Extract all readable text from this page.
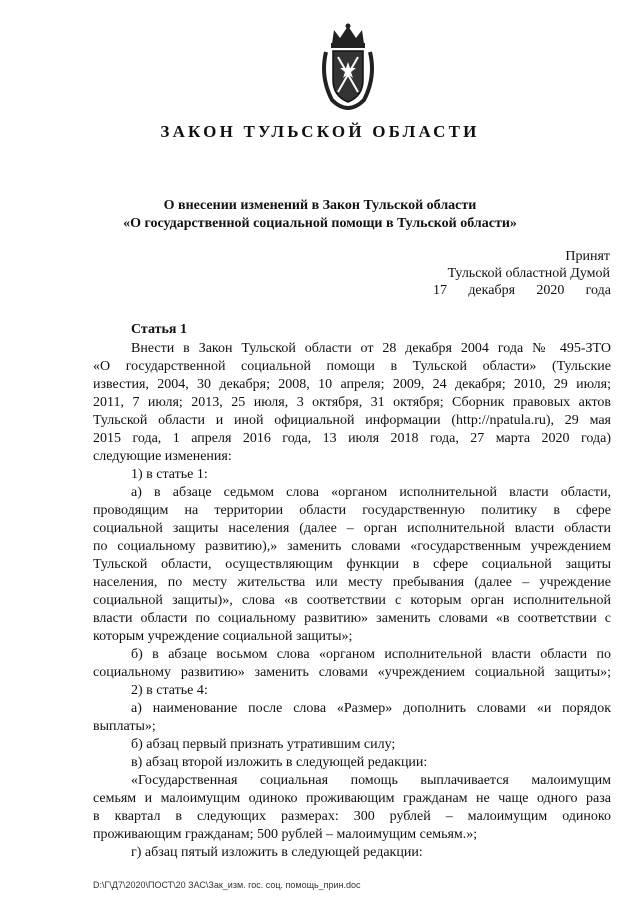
ЗАКОН ТУЛЬСКОЙ ОБЛАСТИ
О внесении изменений в Закон Тульской области
«О государственной социальной помощи в Тульской области»
Принят
Тульской областной Думой
17 декабря 2020 года
Статья 1
Внести в Закон Тульской области от 28 декабря 2004 года № 495-ЗТО
«О государственной социальной помощи в Тульской области» (Тульские
известия, 2004, 30 декабря; 2008, 10 апреля; 2009, 24 декабря; 2010, 29 июля;
2011, 7 июля; 2013, 25 июля, 3 октября, 31 октября; Сборник правовых актов
Тульской области и иной официальной информации (http://npatula.ru), 29 мая
2015 года, 1 апреля 2016 года, 13 июля 2018 года, 27 марта 2020 года)
следующие изменения:
1) в статье 1:
а) в абзаце седьмом слова «органом исполнительной власти области,
проводящим на территории области государственную политику в сфере
социальной защиты населения (далее – орган исполнительной власти области
по социальному развитию),» заменить словами «государственным учреждением
Тульской области, осуществляющим функции в сфере социальной защиты
населения, по месту жительства или месту пребывания (далее – учреждение
социальной защиты)», слова «в соответствии с которым орган исполнительной
власти области по социальному развитию» заменить словами «в соответствии с
которым учреждение социальной защиты»;
б) в абзаце восьмом слова «органом исполнительной власти области по
социальному развитию» заменить словами «учреждением социальной защиты»;
2) в статье 4:
а) наименование после слова «Размер» дополнить словами «и порядок
выплаты»;
б) абзац первый признать утратившим силу;
в) абзац второй изложить в следующей редакции:
«Государственная социальная помощь выплачивается малоимущим
семьям и малоимущим одиноко проживающим гражданам не чаще одного раза
в квартал в следующих размерах: 300 рублей – малоимущим одиноко
проживающим гражданам; 500 рублей – малоимущим семьям.»;
г) абзац пятый изложить в следующей редакции:
D:\Г\Д7\2020\ПОСТ\20 ЗАС\Зак_изм. гос. соц. помощь_прин.doc
